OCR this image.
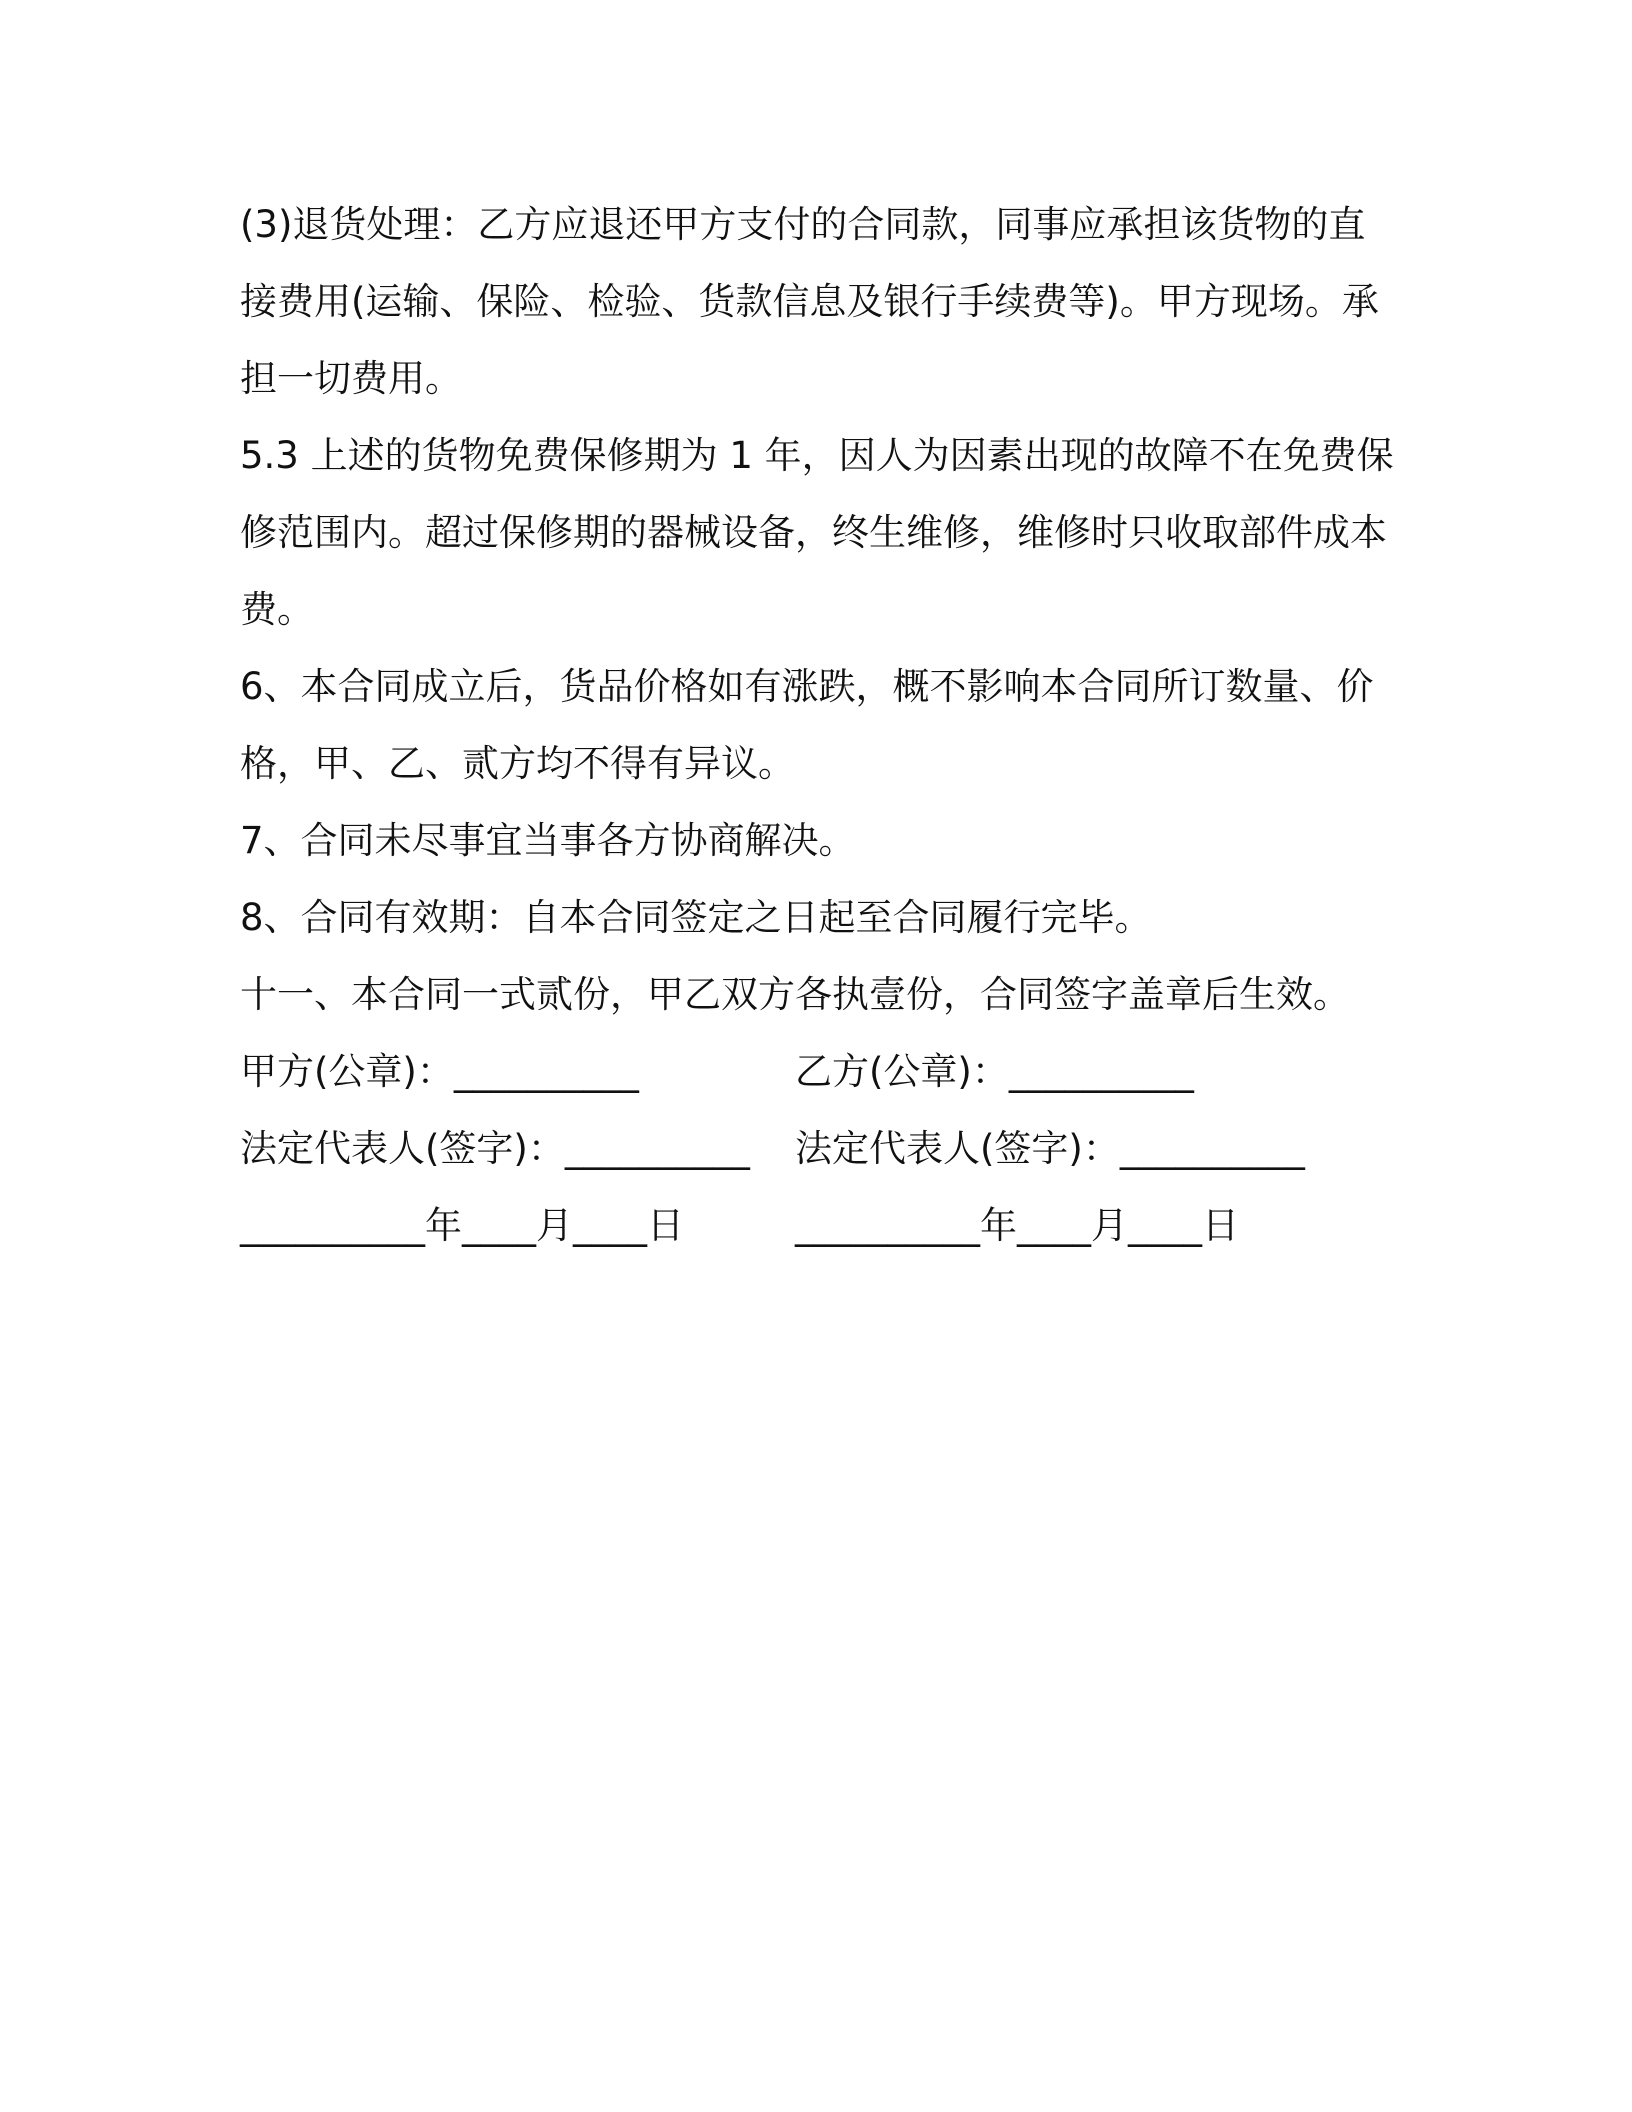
(3)退货处理：乙方应退还甲方支付的合同款，同事应承担该货物的直接费用(运输、保险、检验、货款信息及银行手续费等)。甲方现场。承担一切费用。

5.3 上述的货物免费保修期为 1 年，因人为因素出现的故障不在免费保修范围内。超过保修期的器械设备，终生维修，维修时只收取部件成本费。

6、本合同成立后，货品价格如有涨跌，概不影响本合同所订数量、价格，甲、乙、贰方均不得有异议。

7、合同未尽事宜当事各方协商解决。

8、合同有效期：自本合同签定之日起至合同履行完毕。

十一、本合同一式贰份，甲乙双方各执壹份，合同签字盖章后生效。

甲方(公章)：__________	乙方(公章)：__________
法定代表人(签字)：__________	法定代表人(签字)：__________
__________年____月____日	__________年____月____日
